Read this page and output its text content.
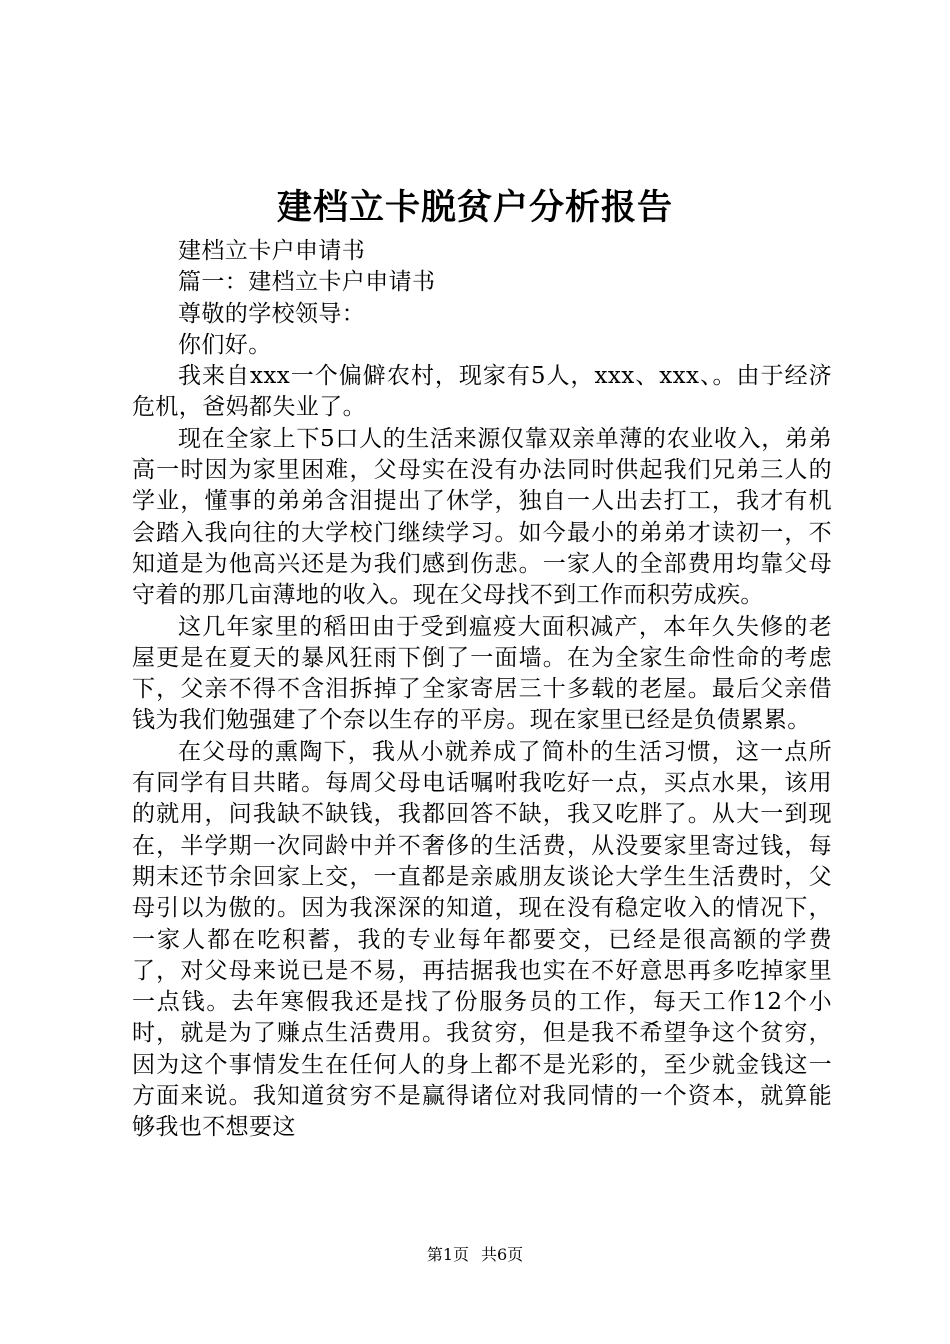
建档立卡脱贫户分析报告

建档立卡户申请书

篇一：建档立卡户申请书

尊敬的学校领导：

你们好。

我来自xxx一个偏僻农村，现家有5人，xxx、xxx、。由于经济危机，爸妈都失业了。

现在全家上下5口人的生活来源仅靠双亲单薄的农业收入，弟弟高一时因为家里困难，父母实在没有办法同时供起我们兄弟三人的学业，懂事的弟弟含泪提出了休学，独自一人出去打工，我才有机会踏入我向往的大学校门继续学习。如今最小的弟弟才读初一，不知道是为他高兴还是为我们感到伤悲。一家人的全部费用均靠父母守着的那几亩薄地的收入。现在父母找不到工作而积劳成疾。

这几年家里的稻田由于受到瘟疫大面积减产，本年久失修的老屋更是在夏天的暴风狂雨下倒了一面墙。在为全家生命性命的考虑下，父亲不得不含泪拆掉了全家寄居三十多载的老屋。最后父亲借钱为我们勉强建了个奈以生存的平房。现在家里已经是负债累累。

在父母的熏陶下，我从小就养成了简朴的生活习惯，这一点所有同学有目共睹。每周父母电话嘱咐我吃好一点，买点水果，该用的就用，问我缺不缺钱，我都回答不缺，我又吃胖了。从大一到现在，半学期一次同龄中并不奢侈的生活费，从没要家里寄过钱，每期末还节余回家上交，一直都是亲戚朋友谈论大学生生活费时，父母引以为傲的。因为我深深的知道，现在没有稳定收入的情况下，一家人都在吃积蓄，我的专业每年都要交，已经是很高额的学费了，对父母来说已是不易，再拮据我也实在不好意思再多吃掉家里一点钱。去年寒假我还是找了份服务员的工作，每天工作12个小时，就是为了赚点生活费用。我贫穷，但是我不希望争这个贫穷，因为这个事情发生在任何人的身上都不是光彩的，至少就金钱这一方面来说。我知道贫穷不是赢得诸位对我同情的一个资本，就算能够我也不想要这

第1页 共6页
